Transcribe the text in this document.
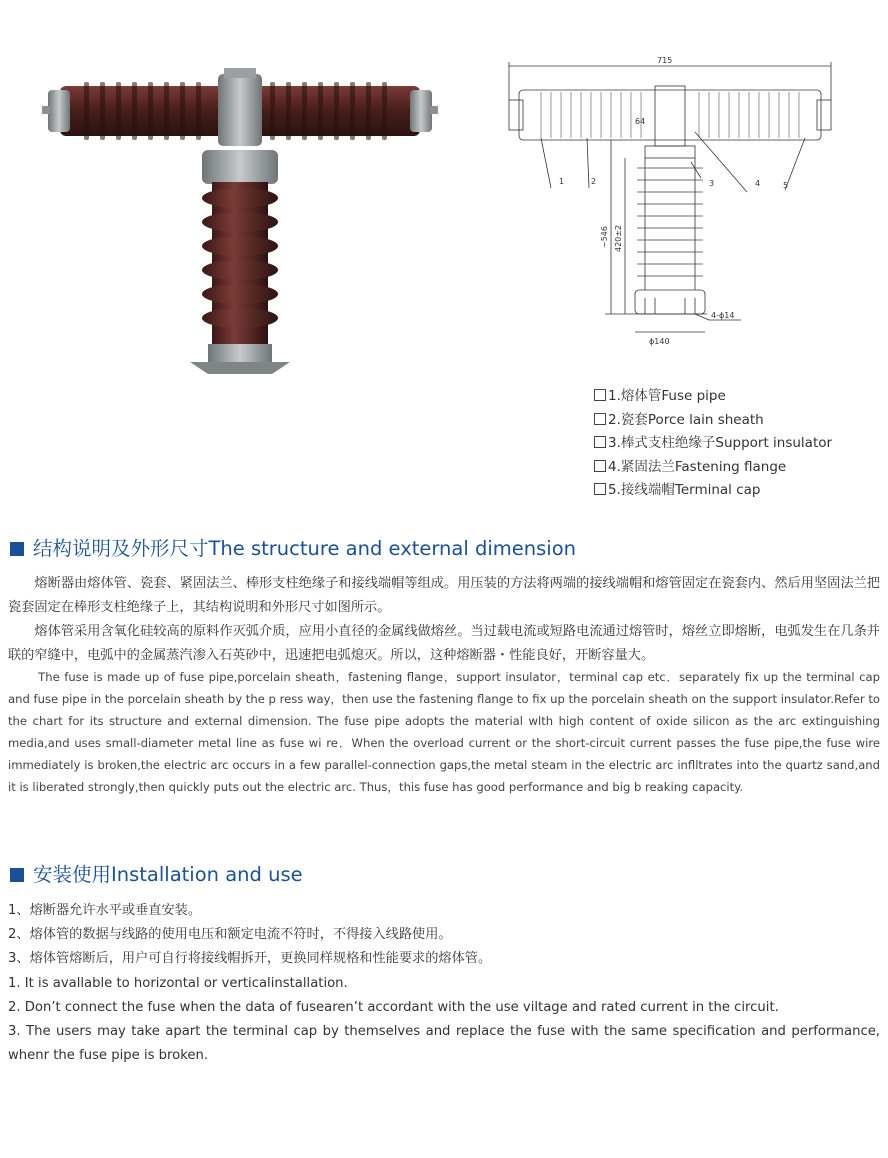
715
64
~546 420±2
ϕ140
4-ϕ14
1	2	3	4	5
1.熔体管Fuse pipe
2.瓷套Porce lain sheath
3.棒式支柱绝缘子Support insulator
4.紧固法兰Fastening flange
5.接线端帽Terminal cap
结构说明及外形尺寸The structure and external dimension
熔断器由熔体管、瓷套、紧固法兰、棒形支柱绝缘子和接线端帽等组成。用压装的方法将两端的接线端帽和熔管固定在瓷套内、然后用坚固法兰把瓷套固定在棒形支柱绝缘子上，其结构说明和外形尺寸如图所示。
熔体管采用含氧化硅较高的原料作灭弧介质，应用小直径的金属线做熔丝。当过载电流或短路电流通过熔管时，熔丝立即熔断，电弧发生在几条并联的窄缝中，电弧中的金属蒸汽渗入石英砂中，迅速把电弧熄灭。所以，这种熔断器・性能良好，开断容量大。
The fuse is made up of fuse pipe,porcelain sheath，fastening flange，support insulator，terminal cap etc．separately fix up the terminal cap and fuse pipe in the porcelain sheath by the p ress way，then use the fastening flange to fix up the porcelain sheath on the support insulator.Refer to the chart for its structure and external dimension. The fuse pipe adopts the material wlth high content of oxide silicon as the arc extinguishing media,and uses small-diameter metal line as fuse wi re．When the overload current or the short-circuit current passes the fuse pipe,the fuse wire immediately is broken,the electric arc occurs in a few parallel-connection gaps,the metal steam in the electric arc inflltrates into the quartz sand,and it is liberated strongly,then quickly puts out the electric arc. Thus，this fuse has good performance and big b reaking capacity.
安装使用Installation and use
1、熔断器允许水平或垂直安装。
2、熔体管的数据与线路的使用电压和额定电流不符时，不得接入线路使用。
3、熔体管熔断后，用户可自行将接线帽拆开，更换同样规格和性能要求的熔体管。
1. It is avallable to horizontal or verticalinstallation.
2. Don’t connect the fuse when the data of fusearen’t accordant with the use viltage and rated current in the circuit.
3. The users may take apart the terminal cap by themselves and replace the fuse with the same specification and performance, whenr the fuse pipe is broken.
